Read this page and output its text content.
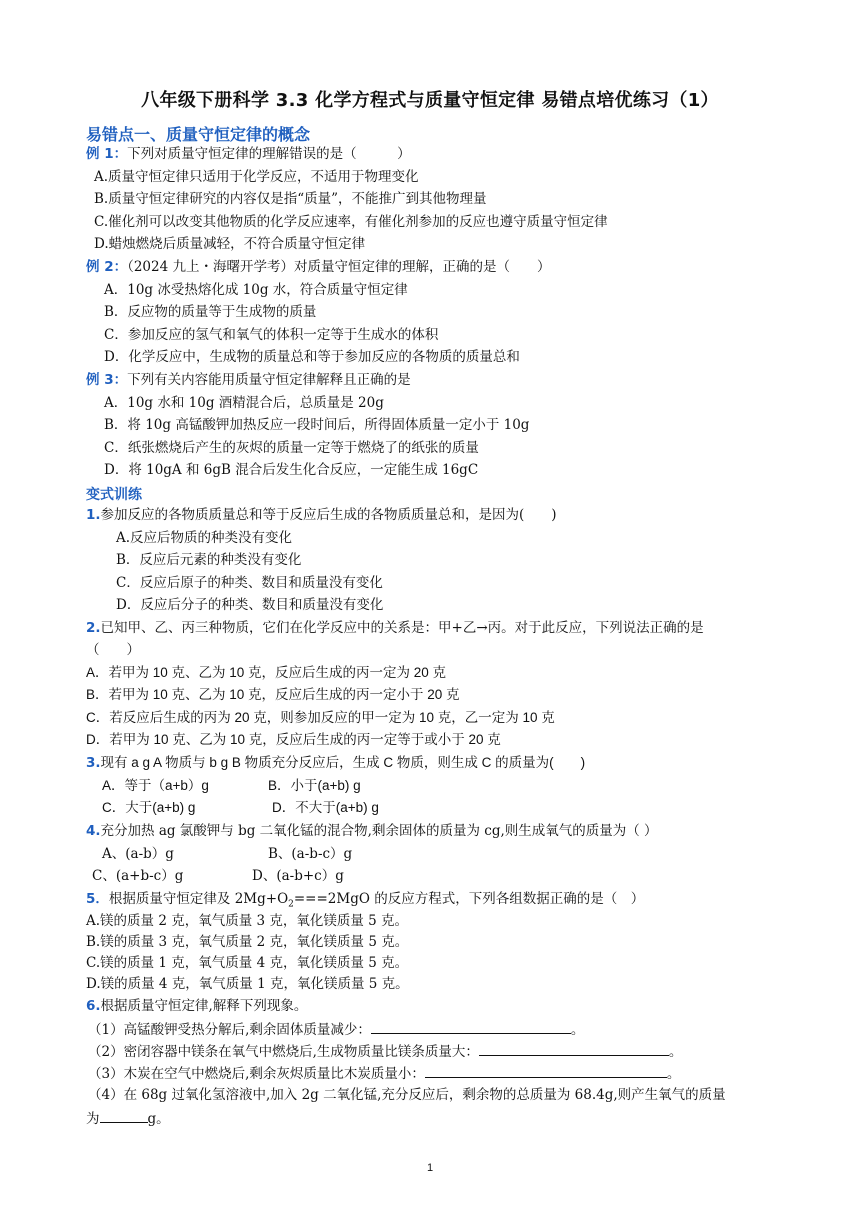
八年级下册科学 3.3 化学方程式与质量守恒定律 易错点培优练习（1）
易错点一、质量守恒定律的概念
例 1：下列对质量守恒定律的理解错误的是（　　　）
A.质量守恒定律只适用于化学反应，不适用于物理变化
B.质量守恒定律研究的内容仅是指“质量”，不能推广到其他物理量
C.催化剂可以改变其他物质的化学反应速率，有催化剂参加的反应也遵守质量守恒定律
D.蜡烛燃烧后质量减轻，不符合质量守恒定律
例 2：（2024 九上・海曙开学考）对质量守恒定律的理解，正确的是（　　）
A．10g 冰受热熔化成 10g 水，符合质量守恒定律
B．反应物的质量等于生成物的质量
C．参加反应的氢气和氧气的体积一定等于生成水的体积
D．化学反应中，生成物的质量总和等于参加反应的各物质的质量总和
例 3：下列有关内容能用质量守恒定律解释且正确的是
A．10g 水和 10g 酒精混合后，总质量是 20g
B．将 10g 高锰酸钾加热反应一段时间后，所得固体质量一定小于 10g
C．纸张燃烧后产生的灰烬的质量一定等于燃烧了的纸张的质量
D．将 10gA 和 6gB 混合后发生化合反应，一定能生成 16gC
变式训练
1.参加反应的各物质质量总和等于反应后生成的各物质质量总和，是因为(　　)
A.反应后物质的种类没有变化
B．反应后元素的种类没有变化
C．反应后原子的种类、数目和质量没有变化
D．反应后分子的种类、数目和质量没有变化
2.已知甲、乙、丙三种物质，它们在化学反应中的关系是：甲+乙→丙。对于此反应，下列说法正确的是
（　　）
A．若甲为 10 克、乙为 10 克，反应后生成的丙一定为 20 克
B．若甲为 10 克、乙为 10 克，反应后生成的丙一定小于 20 克
C．若反应后生成的丙为 20 克，则参加反应的甲一定为 10 克，乙一定为 10 克
D．若甲为 10 克、乙为 10 克，反应后生成的丙一定等于或小于 20 克
3.现有 a g A 物质与 b g B 物质充分反应后，生成 C 物质，则生成 C 的质量为(　　)
A．等于（a+b）g	B．小于(a+b) g
C．大于(a+b) g	D．不大于(a+b) g
4.充分加热 ag 氯酸钾与 bg 二氧化锰的混合物,剩余固体的质量为 cg,则生成氧气的质量为（ ）
A、(a-b）g	B、(a-b-c）g
C、(a+b-c）g	D、(a-b+c）g
5．根据质量守恒定律及 $2Mg+O_2===2MgO$ 的反应方程式，下列各组数据正确的是（　）
A.镁的质量 2 克，氧气质量 3 克，氧化镁质量 5 克。
B.镁的质量 3 克，氧气质量 2 克，氧化镁质量 5 克。
C.镁的质量 1 克，氧气质量 4 克，氧化镁质量 5 克。
D.镁的质量 4 克，氧气质量 1 克，氧化镁质量 5 克。
6.根据质量守恒定律,解释下列现象。
（1）高锰酸钾受热分解后,剩余固体质量减少：	。
（2）密闭容器中镁条在氧气中燃烧后,生成物质量比镁条质量大：	。
（3）木炭在空气中燃烧后,剩余灰烬质量比木炭质量小：	。
（4）在 68g 过氧化氢溶液中,加入 2g 二氧化锰,充分反应后，剩余物的总质量为 68.4g,则产生氧气的质量
为	g。
1
